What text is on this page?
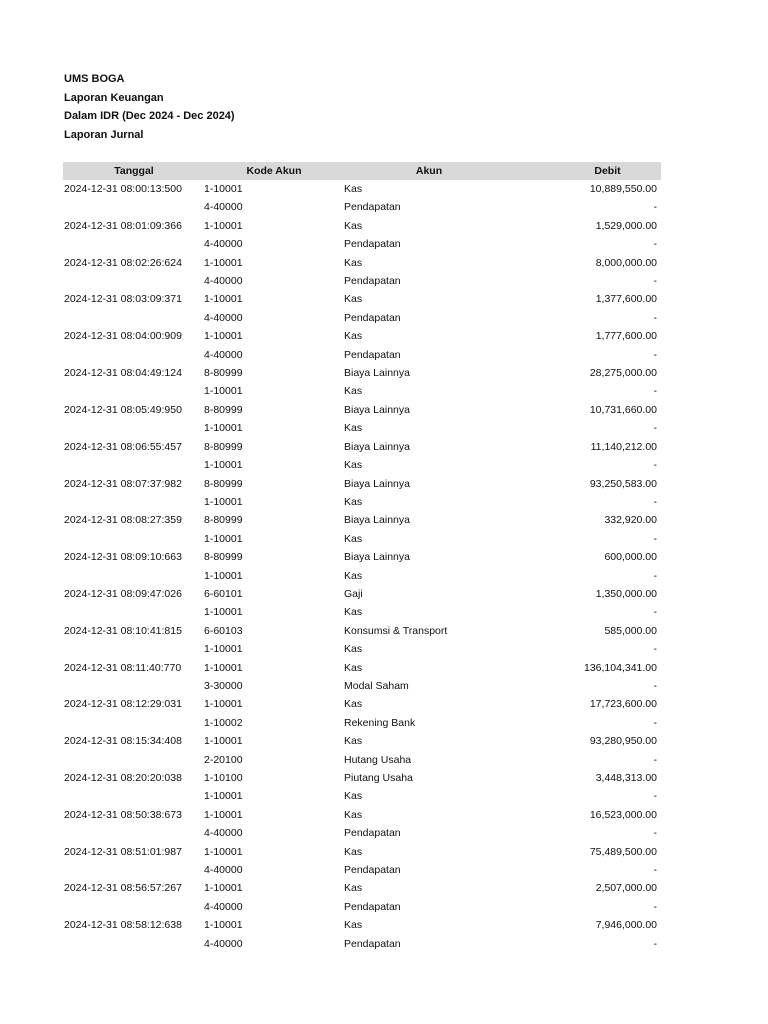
UMS BOGA
Laporan Keuangan
Dalam IDR (Dec 2024 - Dec 2024)
Laporan Jurnal
Tanggal	Kode Akun	Akun	Debit
2024-12-31 08:00:13:500	1-10001	Kas	10,889,550.00
	4-40000	Pendapatan	-
2024-12-31 08:01:09:366	1-10001	Kas	1,529,000.00
	4-40000	Pendapatan	-
2024-12-31 08:02:26:624	1-10001	Kas	8,000,000.00
	4-40000	Pendapatan	-
2024-12-31 08:03:09:371	1-10001	Kas	1,377,600.00
	4-40000	Pendapatan	-
2024-12-31 08:04:00:909	1-10001	Kas	1,777,600.00
	4-40000	Pendapatan	-
2024-12-31 08:04:49:124	8-80999	Biaya Lainnya	28,275,000.00
	1-10001	Kas	-
2024-12-31 08:05:49:950	8-80999	Biaya Lainnya	10,731,660.00
	1-10001	Kas	-
2024-12-31 08:06:55:457	8-80999	Biaya Lainnya	11,140,212.00
	1-10001	Kas	-
2024-12-31 08:07:37:982	8-80999	Biaya Lainnya	93,250,583.00
	1-10001	Kas	-
2024-12-31 08:08:27:359	8-80999	Biaya Lainnya	332,920.00
	1-10001	Kas	-
2024-12-31 08:09:10:663	8-80999	Biaya Lainnya	600,000.00
	1-10001	Kas	-
2024-12-31 08:09:47:026	6-60101	Gaji	1,350,000.00
	1-10001	Kas	-
2024-12-31 08:10:41:815	6-60103	Konsumsi & Transport	585,000.00
	1-10001	Kas	-
2024-12-31 08:11:40:770	1-10001	Kas	136,104,341.00
	3-30000	Modal Saham	-
2024-12-31 08:12:29:031	1-10001	Kas	17,723,600.00
	1-10002	Rekening Bank	-
2024-12-31 08:15:34:408	1-10001	Kas	93,280,950.00
	2-20100	Hutang Usaha	-
2024-12-31 08:20:20:038	1-10100	Piutang Usaha	3,448,313.00
	1-10001	Kas	-
2024-12-31 08:50:38:673	1-10001	Kas	16,523,000.00
	4-40000	Pendapatan	-
2024-12-31 08:51:01:987	1-10001	Kas	75,489,500.00
	4-40000	Pendapatan	-
2024-12-31 08:56:57:267	1-10001	Kas	2,507,000.00
	4-40000	Pendapatan	-
2024-12-31 08:58:12:638	1-10001	Kas	7,946,000.00
	4-40000	Pendapatan	-
